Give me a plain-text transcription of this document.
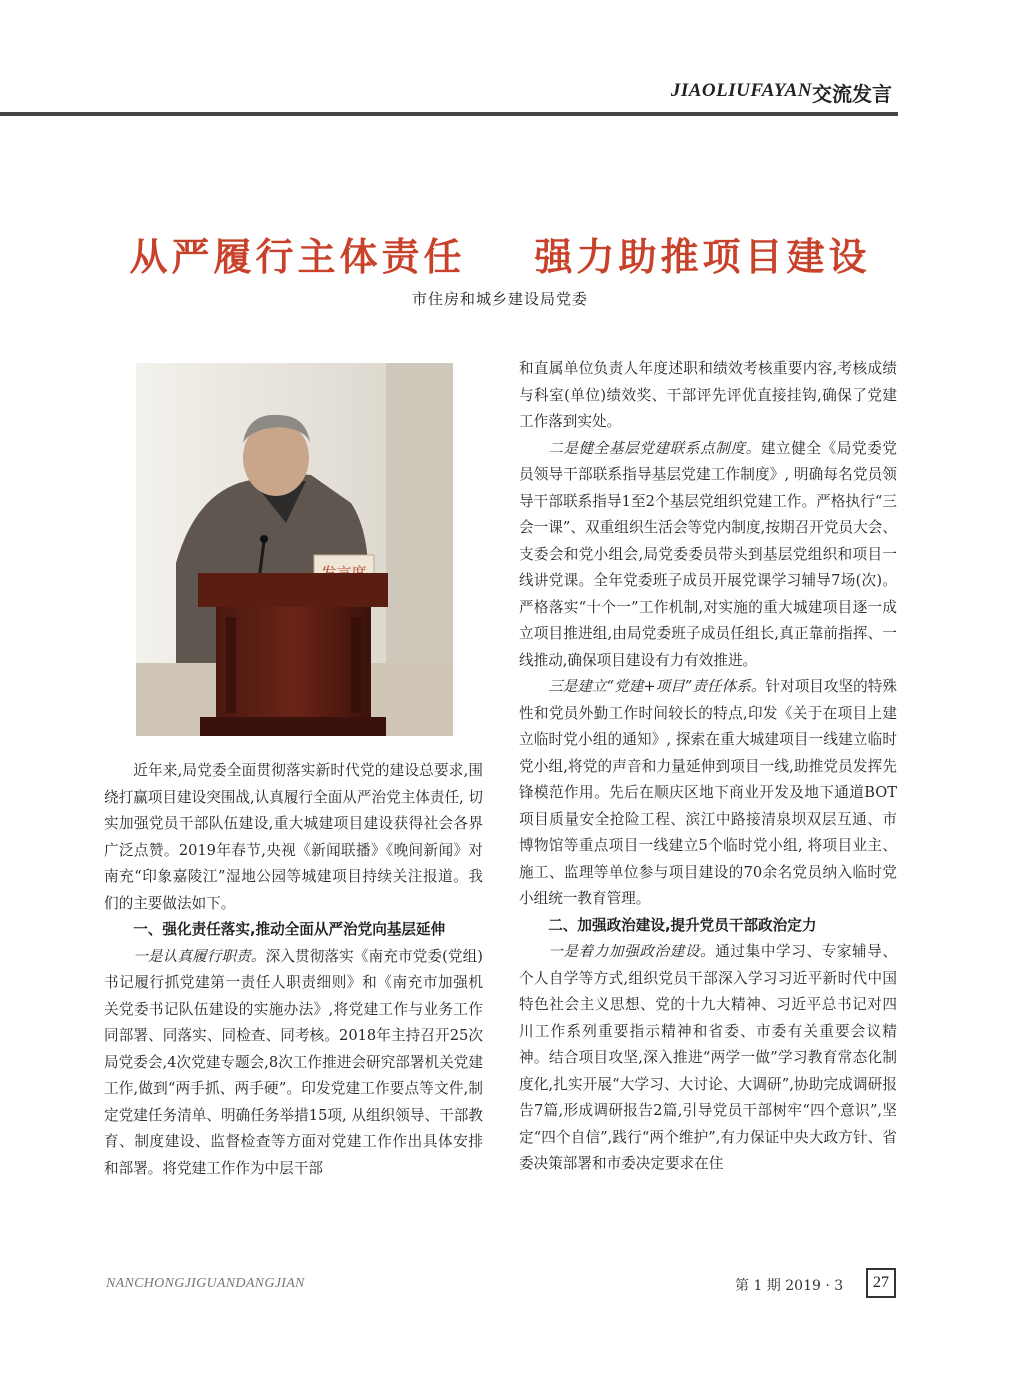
JIAOLIUFAYAN 交流发言
从严履行主体责任    强力助推项目建设
市住房和城乡建设局党委

近年来,局党委全面贯彻落实新时代党的建设总要求,围绕打赢项目建设突围战,认真履行全面从严治党主体责任, 切实加强党员干部队伍建设,重大城建项目建设获得社会各界广泛点赞。2019年春节,央视《新闻联播》《晚间新闻》对南充“印象嘉陵江”湿地公园等城建项目持续关注报道。我们的主要做法如下。

一、强化责任落实,推动全面从严治党向基层延伸

一是认真履行职责。深入贯彻落实《南充市党委(党组)书记履行抓党建第一责任人职责细则》和《南充市加强机关党委书记队伍建设的实施办法》,将党建工作与业务工作同部署、同落实、同检查、同考核。2018年主持召开25次局党委会,4次党建专题会,8次工作推进会研究部署机关党建工作,做到“两手抓、两手硬”。印发党建工作要点等文件,制定党建任务清单、明确任务举措15项, 从组织领导、干部教育、制度建设、监督检查等方面对党建工作作出具体安排和部署。将党建工作作为中层干部

和直属单位负责人年度述职和绩效考核重要内容,考核成绩与科室(单位)绩效奖、干部评先评优直接挂钩,确保了党建工作落到实处。

二是健全基层党建联系点制度。建立健全《局党委党员领导干部联系指导基层党建工作制度》, 明确每名党员领导干部联系指导1至2个基层党组织党建工作。严格执行“三会一课”、双重组织生活会等党内制度,按期召开党员大会、支委会和党小组会,局党委委员带头到基层党组织和项目一线讲党课。全年党委班子成员开展党课学习辅导7场(次)。严格落实“十个一”工作机制,对实施的重大城建项目逐一成立项目推进组,由局党委班子成员任组长,真正靠前指挥、一线推动,确保项目建设有力有效推进。

三是建立“党建+项目”责任体系。针对项目攻坚的特殊性和党员外勤工作时间较长的特点,印发《关于在项目上建立临时党小组的通知》, 探索在重大城建项目一线建立临时党小组,将党的声音和力量延伸到项目一线,助推党员发挥先锋模范作用。先后在顺庆区地下商业开发及地下通道BOT项目质量安全抢险工程、滨江中路接清泉坝双层互通、市博物馆等重点项目一线建立5个临时党小组, 将项目业主、施工、监理等单位参与项目建设的70余名党员纳入临时党小组统一教育管理。

二、加强政治建设,提升党员干部政治定力

一是着力加强政治建设。通过集中学习、专家辅导、个人自学等方式,组织党员干部深入学习习近平新时代中国特色社会主义思想、党的十九大精神、习近平总书记对四川工作系列重要指示精神和省委、市委有关重要会议精神。结合项目攻坚,深入推进“两学一做”学习教育常态化制度化,扎实开展“大学习、大讨论、大调研”,协助完成调研报告7篇,形成调研报告2篇,引导党员干部树牢“四个意识”,坚定“四个自信”,践行“两个维护”,有力保证中央大政方针、省委决策部署和市委决定要求在住

NANCHONGJIGUANDANGJIAN	第 1 期 2019 · 3	27
